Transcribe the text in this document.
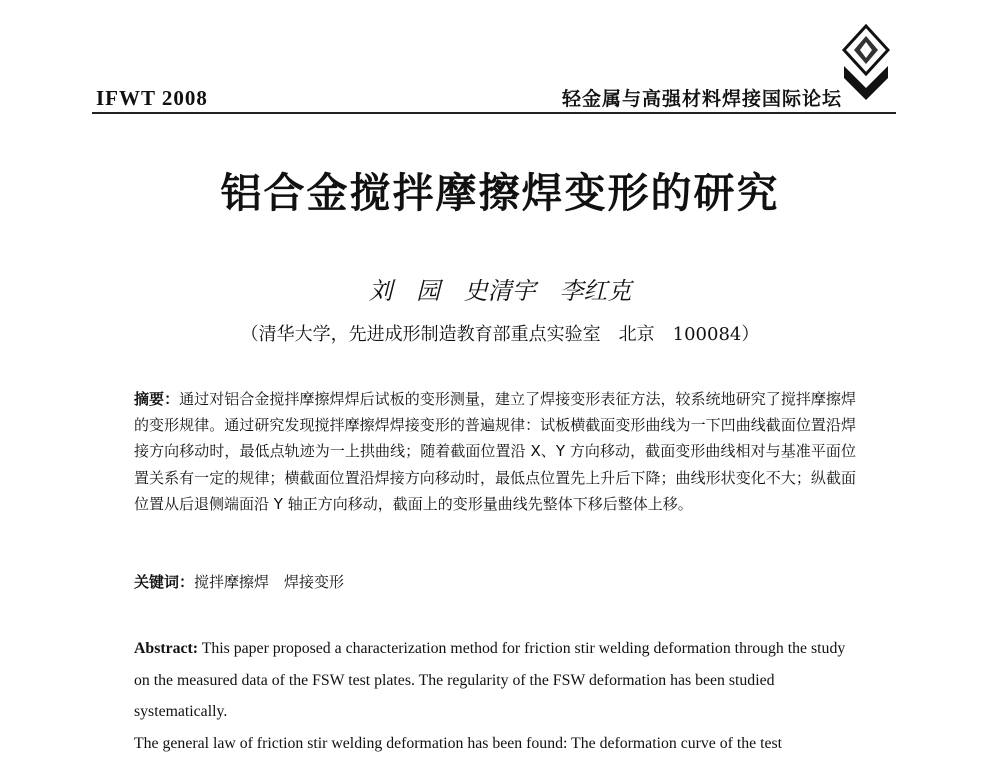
IFWT 2008	轻金属与高强材料焊接国际论坛
铝合金搅拌摩擦焊变形的研究
刘 园 史清宇 李红克
（清华大学，先进成形制造教育部重点实验室　北京　100084）
摘要：通过对铝合金搅拌摩擦焊焊后试板的变形测量，建立了焊接变形表征方法，较系统地研究了搅拌摩擦焊的变形规律。通过研究发现搅拌摩擦焊焊接变形的普遍规律：试板横截面变形曲线为一下凹曲线截面位置沿焊接方向移动时，最低点轨迹为一上拱曲线；随着截面位置沿 X、Y 方向移动，截面变形曲线相对与基准平面位置关系有一定的规律；横截面位置沿焊接方向移动时，最低点位置先上升后下降；曲线形状变化不大；纵截面位置从后退侧端面沿 Y 轴正方向移动，截面上的变形量曲线先整体下移后整体上移。
关键词：搅拌摩擦焊　焊接变形

Abstract: This paper proposed a characterization method for friction stir welding deformation through the study on the measured data of the FSW test plates. The regularity of the FSW deformation has been studied systematically.

The general law of friction stir welding deformation has been found: The deformation curve of the test
